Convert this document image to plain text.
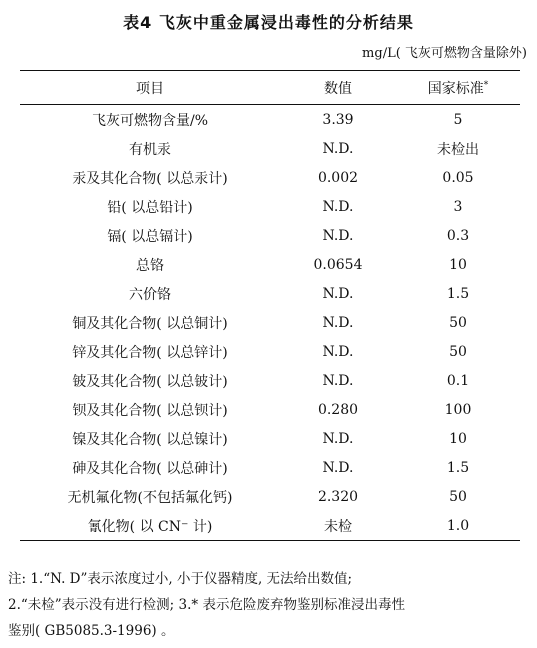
表4 飞灰中重金属浸出毒性的分析结果
mg/L( 飞灰可燃物含量除外)
项目	数值	国家标准*
飞灰可燃物含量/%	3.39	5
有机汞	N.D.	未检出
汞及其化合物( 以总汞计)	0.002	0.05
铅( 以总铅计)	N.D.	3
镉( 以总镉计)	N.D.	0.3
总铬	0.0654	10
六价铬	N.D.	1.5
铜及其化合物( 以总铜计)	N.D.	50
锌及其化合物( 以总锌计)	N.D.	50
铍及其化合物( 以总铍计)	N.D.	0.1
钡及其化合物( 以总钡计)	0.280	100
镍及其化合物( 以总镍计)	N.D.	10
砷及其化合物( 以总砷计)	N.D.	1.5
无机氟化物(不包括氟化钙)	2.320	50
氰化物( 以 CN⁻ 计)	未检	1.0
注: 1.“N. D”表示浓度过小, 小于仪器精度, 无法给出数值;
2.“未检”表示没有进行检测; 3.* 表示危险废弃物鉴别标准浸出毒性
鉴别( GB5085.3-1996) 。
